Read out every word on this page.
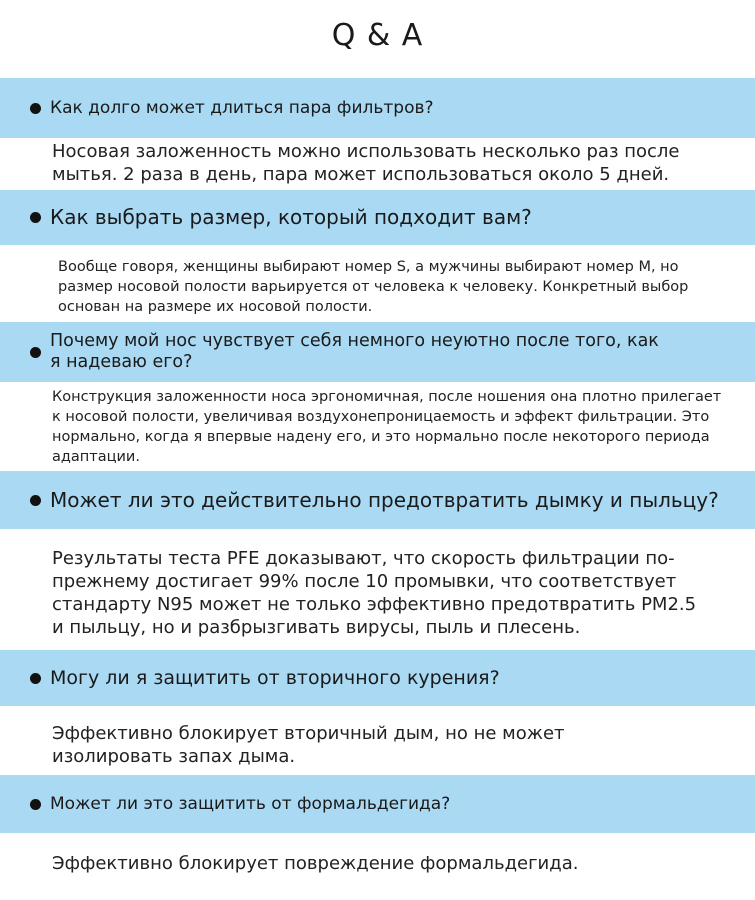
Q & A
Как долго может длиться пара фильтров?
Носовая заложенность можно использовать несколько раз после мытья. 2 раза в день, пара может использоваться около 5 дней.
Как выбрать размер, который подходит вам?
Вообще говоря, женщины выбирают номер S, а мужчины выбирают номер M, но размер носовой полости варьируется от человека к человеку. Конкретный выбор основан на размере их носовой полости.
Почему мой нос чувствует себя немного неуютно после того, как я надеваю его?
Конструкция заложенности носа эргономичная, после ношения она плотно прилегает к носовой полости, увеличивая воздухонепроницаемость и эффект фильтрации. Это нормально, когда я впервые надену его, и это нормально после некоторого периода адаптации.
Может ли это действительно предотвратить дымку и пыльцу?
Результаты теста PFE доказывают, что скорость фильтрации по-прежнему достигает 99% после 10 промывки, что соответствует стандарту N95 может не только эффективно предотвратить PM2.5 и пыльцу, но и разбрызгивать вирусы, пыль и плесень.
Могу ли я защитить от вторичного курения?
Эффективно блокирует вторичный дым, но не может изолировать запах дыма.
Может ли это защитить от формальдегида?
Эффективно блокирует повреждение формальдегида.
